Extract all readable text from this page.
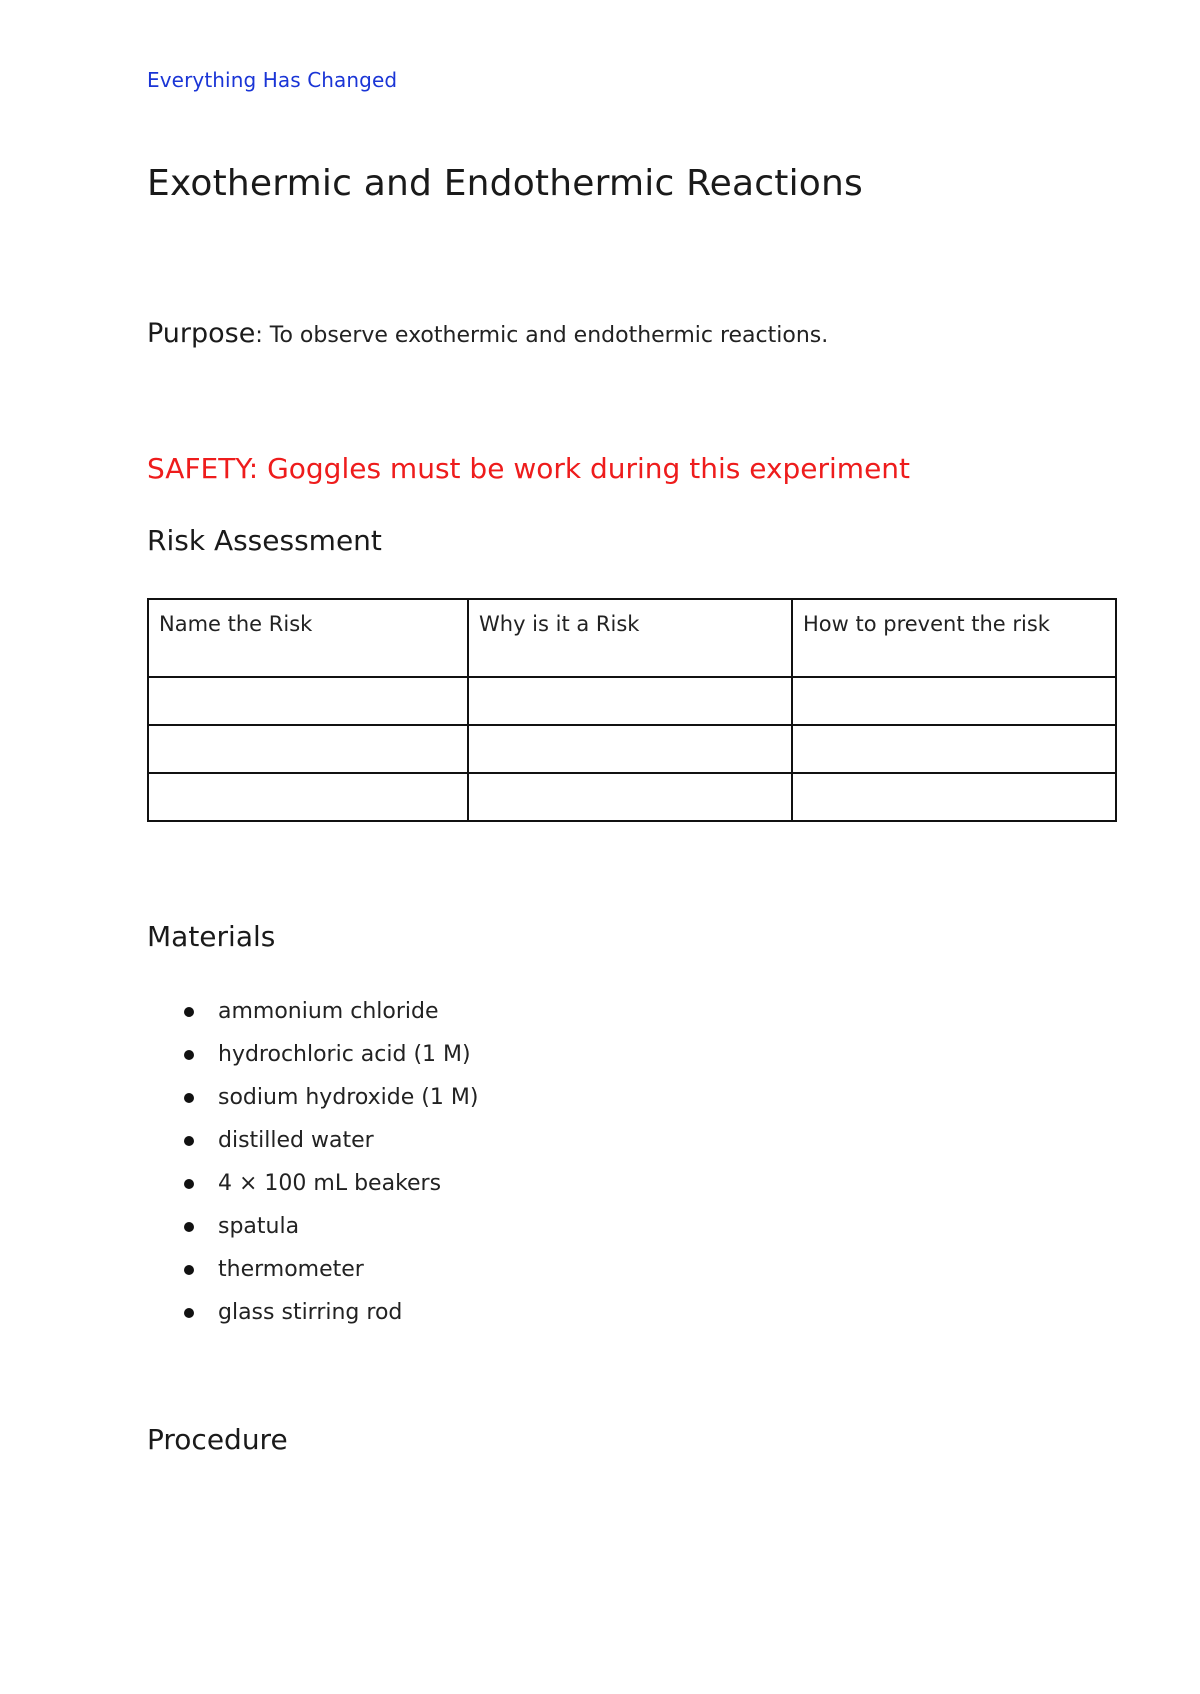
Everything Has Changed
Exothermic and Endothermic Reactions
Purpose: To observe exothermic and endothermic reactions.
SAFETY: Goggles must be work during this experiment
Risk Assessment
Name the Risk	Why is it a Risk	How to prevent the risk

Materials
ammonium chloride
hydrochloric acid (1 M)
sodium hydroxide (1 M)
distilled water
4 × 100 mL beakers
spatula
thermometer
glass stirring rod
Procedure
